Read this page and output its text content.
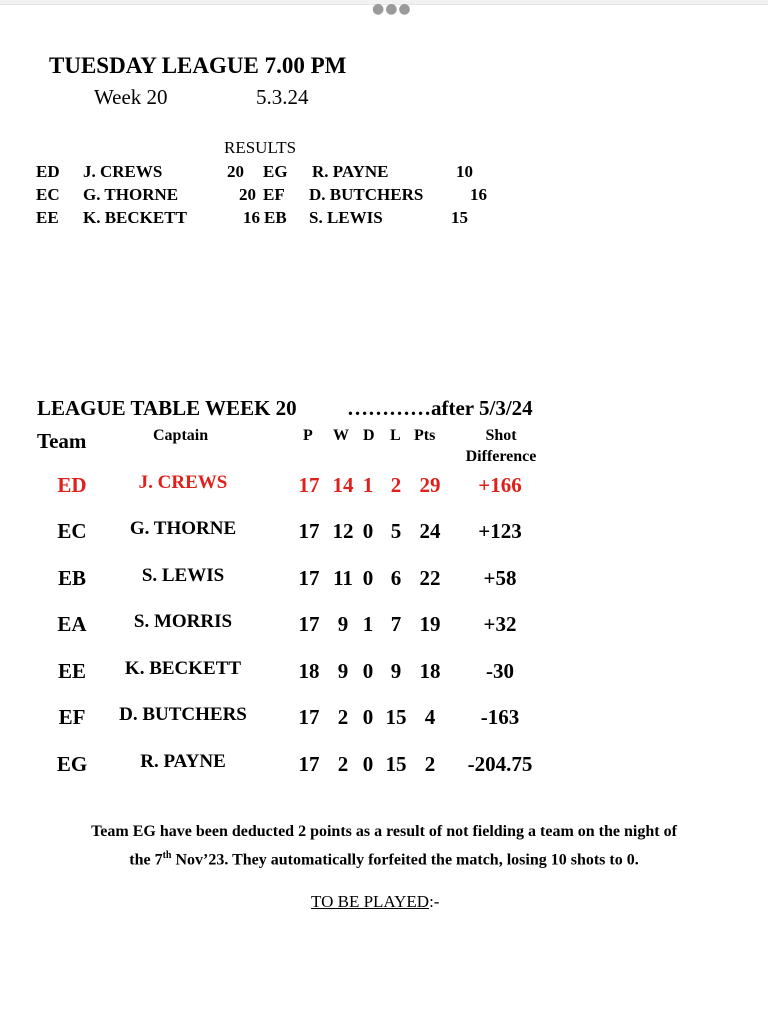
●●●
TUESDAY LEAGUE 7.00 PM
Week 20	5.3.24
RESULTS
ED J. CREWS	20 EG R. PAYNE	10
EC G. THORNE	20 EF D. BUTCHERS	16
EE K. BECKETT	16 EB S. LEWIS	15
LEAGUE TABLE WEEK 20 …………after 5/3/24
Team	Captain	P W D L Pts	Shot
Difference
ED	J. CREWS	17 14 1 2 29	+166
EC	G. THORNE	17 12 0 5 24	+123
EB	S. LEWIS	17 11 0 6 22	+58
EA	S. MORRIS	17 9 1 7 19	+32
EE	K. BECKETT	18 9 0 9 18	-30
EF	D. BUTCHERS	17 2 0 15 4	-163
EG	R. PAYNE	17 2 0 15 2	-204.75
Team EG have been deducted 2 points as a result of not fielding a team on the night of
the 7th Nov’23. They automatically forfeited the match, losing 10 shots to 0.
TO BE PLAYED:-
